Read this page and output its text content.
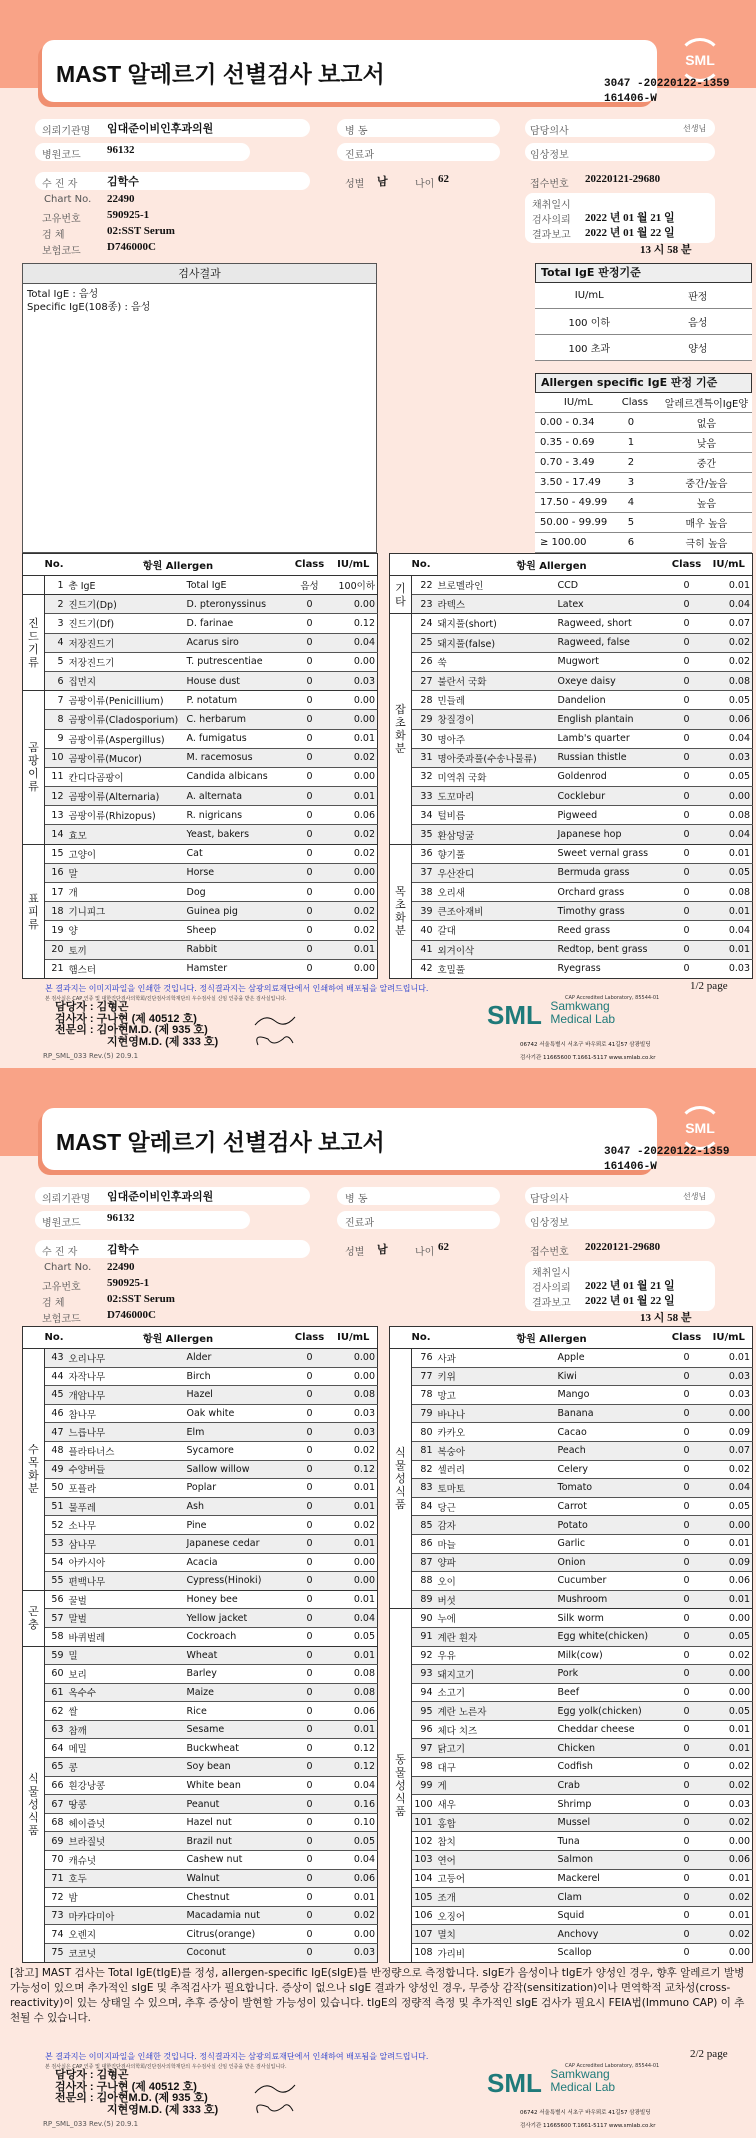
MAST 알레르기 선별검사 보고서
SML
3047 -20220122-1359
161406-W
의뢰기관명 임대준이비인후과의원	병 동	담당의사	선생님
병원코드 96132	진료과	임상정보
수 진 자	김학수	성별 남	나이 62	접수번호 20220121-29680
Chart No. 22490
고유번호 590925-1
검 체	02:SST Serum
보험코드 D746000C
채취일시
검사의뢰 2022 년 01 월 21 일
결과보고 2022 년 01 월 22 일
13 시 58 분
검사결과
Total IgE : 음성
Specific IgE(108종) : 음성
Total IgE 판정기준
IU/mL	판정
100 이하	음성
100 초과	양성
Allergen specific IgE 판정 기준
IU/mL	Class	알레르겐특이IgE양
0.00 - 0.34	0	없음
0.35 - 0.69	1	낮음
0.70 - 3.49	2	중간
3.50 - 17.49	3	중간/높음
17.50 - 49.99	4	높음
50.00 - 99.99	5	매우 높음
≥ 100.00	6	극히 높음
	No.	항원 Allergen		Class	IU/mL
	1	총 IgE	Total IgE	음성	100이하
진드기류	2	진드기(Dp)	D. pteronyssinus	0	0.00
	3	진드기(Df)	D. farinae	0	0.12
	4	저장진드기	Acarus siro	0	0.04
	5	저장진드기	T. putrescentiae	0	0.00
	6	집먼지	House dust	0	0.03
곰팡이류	7	곰팡이류(Penicillium)	P. notatum	0	0.00
	8	곰팡이류(Cladosporium)	C. herbarum	0	0.00
	9	곰팡이류(Aspergillus)	A. fumigatus	0	0.01
	10	곰팡이류(Mucor)	M. racemosus	0	0.02
	11	칸디다곰팡이	Candida albicans	0	0.00
	12	곰팡이류(Alternaria)	A. alternata	0	0.01
	13	곰팡이류(Rhizopus)	R. nigricans	0	0.06
	14	효모	Yeast, bakers	0	0.02
표피류	15	고양이	Cat	0	0.02
	16	말	Horse	0	0.00
	17	개	Dog	0	0.00
	18	기니피그	Guinea pig	0	0.02
	19	양	Sheep	0	0.02
	20	토끼	Rabbit	0	0.01
	21	햄스터	Hamster	0	0.00
	No.	항원 Allergen		Class	IU/mL
기타	22	브로멜라인	CCD	0	0.01
	23	라텍스	Latex	0	0.04
잡초화분	24	돼지풀(short)	Ragweed, short	0	0.07
	25	돼지풀(false)	Ragweed, false	0	0.02
	26	쑥	Mugwort	0	0.02
	27	불란서 국화	Oxeye daisy	0	0.08
	28	민들레	Dandelion	0	0.05
	29	창질경이	English plantain	0	0.06
	30	명아주	Lamb's quarter	0	0.04
	31	명아줏과풀(수송나물류)	Russian thistle	0	0.03
	32	미역취 국화	Goldenrod	0	0.05
	33	도꼬마리	Cocklebur	0	0.00
	34	털비름	Pigweed	0	0.08
	35	환삼덩굴	Japanese hop	0	0.04
목초화분	36	향기풀	Sweet vernal grass	0	0.01
	37	우산잔디	Bermuda grass	0	0.05
	38	오리새	Orchard grass	0	0.08
	39	큰조아재비	Timothy grass	0	0.01
	40	갈대	Reed grass	0	0.04
	41	외겨이삭	Redtop, bent grass	0	0.01
	42	호밀풀	Ryegrass	0	0.03
본 결과지는 이미지파일을 인쇄한 것입니다. 정식결과지는 삼광의료재단에서 인쇄하여 배포됨을 알려드립니다.
본 검사실은 CAP 인증 및 대한진단검사의학회/진단검사의학재단의 우수검사실 신임 인증을 받은 검사실입니다.	CAP Accredited Laboratory, 85544-01
1/2 page
담당자 : 김형곤
검사자 : 구나현 (제 40512 호)
전문의 : 김아현M.D. (제 935 호)
지현영M.D. (제 333 호)
RP_SML_033 Rev.(5) 20.9.1
SML Samkwang
Medical Lab
06742 서울특별시 서초구 바우뫼로 41길57 삼광빌딩
검사기관 11665600 T.1661-5117 www.smlab.co.kr
MAST 알레르기 선별검사 보고서
SML
3047 -20220122-1359
161406-W
의뢰기관명 임대준이비인후과의원	병 동	담당의사	선생님
병원코드 96132	진료과	임상정보
수 진 자	김학수	성별 남	나이 62	접수번호 20220121-29680
Chart No. 22490
고유번호 590925-1
검 체	02:SST Serum
보험코드 D746000C
채취일시
검사의뢰 2022 년 01 월 21 일
결과보고 2022 년 01 월 22 일
13 시 58 분
	No.	항원 Allergen		Class	IU/mL
수목화분	43	오리나무	Alder	0	0.00
	44	자작나무	Birch	0	0.00
	45	개암나무	Hazel	0	0.08
	46	참나무	Oak white	0	0.03
	47	느릅나무	Elm	0	0.03
	48	플라타너스	Sycamore	0	0.02
	49	수양버들	Sallow willow	0	0.12
	50	포플라	Poplar	0	0.01
	51	물푸레	Ash	0	0.01
	52	소나무	Pine	0	0.02
	53	삼나무	Japanese cedar	0	0.01
	54	아카시아	Acacia	0	0.00
	55	편백나무	Cypress(Hinoki)	0	0.00
곤충	56	꿀벌	Honey bee	0	0.01
	57	말벌	Yellow jacket	0	0.04
	58	바퀴벌레	Cockroach	0	0.05
식물성식품	59	밀	Wheat	0	0.01
	60	보리	Barley	0	0.08
	61	옥수수	Maize	0	0.08
	62	쌀	Rice	0	0.06
	63	참깨	Sesame	0	0.01
	64	메밀	Buckwheat	0	0.12
	65	콩	Soy bean	0	0.12
	66	흰강낭콩	White bean	0	0.04
	67	땅콩	Peanut	0	0.16
	68	헤이즐넛	Hazel nut	0	0.10
	69	브라질넛	Brazil nut	0	0.05
	70	캐슈넛	Cashew nut	0	0.04
	71	호두	Walnut	0	0.06
	72	밤	Chestnut	0	0.01
	73	마카다미아	Macadamia nut	0	0.02
	74	오렌지	Citrus(orange)	0	0.00
	75	코코넛	Coconut	0	0.03
	No.	항원 Allergen		Class	IU/mL
식물성식품	76	사과	Apple	0	0.01
	77	키위	Kiwi	0	0.03
	78	망고	Mango	0	0.03
	79	바나나	Banana	0	0.00
	80	카카오	Cacao	0	0.09
	81	복숭아	Peach	0	0.07
	82	셀러리	Celery	0	0.02
	83	토마토	Tomato	0	0.04
	84	당근	Carrot	0	0.05
	85	감자	Potato	0	0.00
	86	마늘	Garlic	0	0.01
	87	양파	Onion	0	0.09
	88	오이	Cucumber	0	0.06
	89	버섯	Mushroom	0	0.01
동물성식품	90	누에	Silk worm	0	0.00
	91	계란 흰자	Egg white(chicken)	0	0.05
	92	우유	Milk(cow)	0	0.02
	93	돼지고기	Pork	0	0.00
	94	소고기	Beef	0	0.00
	95	계란 노른자	Egg yolk(chicken)	0	0.05
	96	체다 치즈	Cheddar cheese	0	0.01
	97	닭고기	Chicken	0	0.01
	98	대구	Codfish	0	0.02
	99	게	Crab	0	0.02
	100	새우	Shrimp	0	0.03
	101	홍합	Mussel	0	0.02
	102	참치	Tuna	0	0.00
	103	연어	Salmon	0	0.06
	104	고등어	Mackerel	0	0.01
	105	조개	Clam	0	0.02
	106	오징어	Squid	0	0.01
	107	멸치	Anchovy	0	0.02
	108	가리비	Scallop	0	0.00
[참고] MAST 검사는 Total IgE(tIgE)를 정성, allergen-specific IgE(sIgE)를 반정량으로 측정합니다. sIgE가 음성이나 tIgE가 양성인 경우, 향후 알레르기 발병 가능성이 있으며 추가적인 sIgE 및 추적검사가 필요합니다. 증상이 없으나 sIgE 결과가 양성인 경우, 무증상 감작(sensitization)이나 면역학적 교차성(cross-reactivity)이 있는 상태일 수 있으며, 추후 증상이 발현할 가능성이 있습니다. tIgE의 정량적 측정 및 추가적인 sIgE 검사가 필요시 FEIA법(Immuno CAP) 이 추천될 수 있습니다.
본 결과지는 이미지파일을 인쇄한 것입니다. 정식결과지는 삼광의료재단에서 인쇄하여 배포됨을 알려드립니다.
본 검사실은 CAP 인증 및 대한진단검사의학회/진단검사의학재단의 우수검사실 신임 인증을 받은 검사실입니다.	CAP Accredited Laboratory, 85544-01
2/2 page
담당자 : 김형곤
검사자 : 구나현 (제 40512 호)
전문의 : 김아현M.D. (제 935 호)
지현영M.D. (제 333 호)
RP_SML_033 Rev.(5) 20.9.1
SML Samkwang
Medical Lab
06742 서울특별시 서초구 바우뫼로 41길57 삼광빌딩
검사기관 11665600 T.1661-5117 www.smlab.co.kr
